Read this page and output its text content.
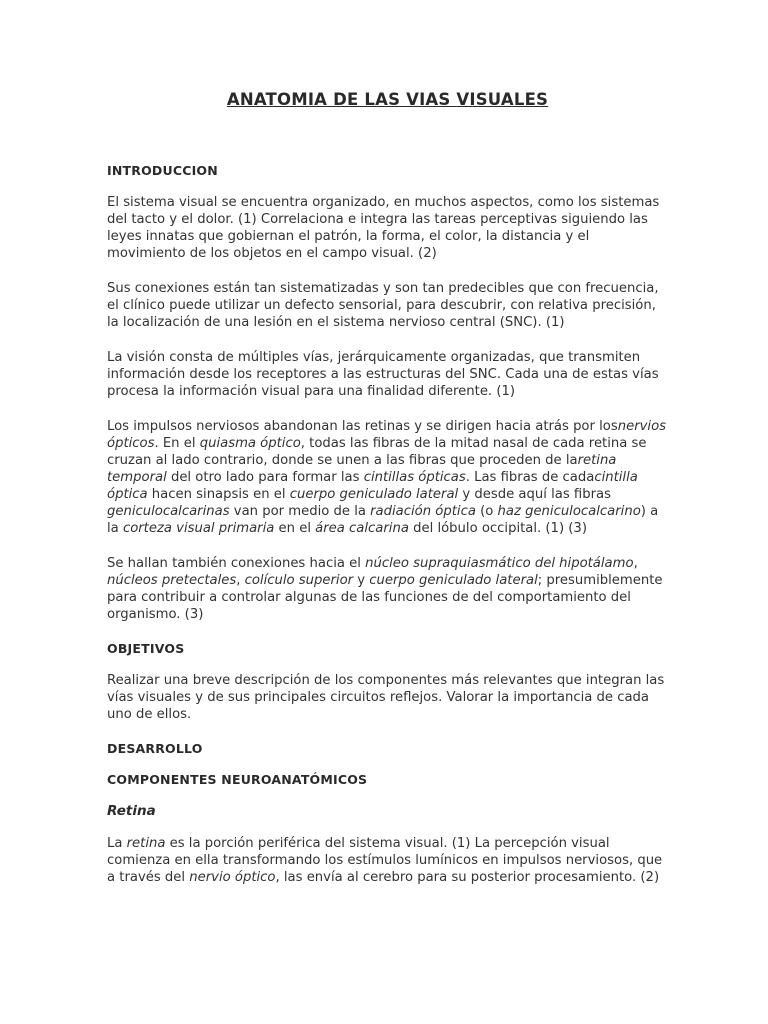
ANATOMIA DE LAS VIAS VISUALES
INTRODUCCION

El sistema visual se encuentra organizado, en muchos aspectos, como los sistemas del tacto y el dolor. (1) Correlaciona e integra las tareas perceptivas siguiendo las leyes innatas que gobiernan el patrón, la forma, el color, la distancia y el movimiento de los objetos en el campo visual. (2)

Sus conexiones están tan sistematizadas y son tan predecibles que con frecuencia, el clínico puede utilizar un defecto sensorial, para descubrir, con relativa precisión, la localización de una lesión en el sistema nervioso central (SNC). (1)

La visión consta de múltiples vías, jerárquicamente organizadas, que transmiten información desde los receptores a las estructuras del SNC. Cada una de estas vías procesa la información visual para una finalidad diferente. (1)

Los impulsos nerviosos abandonan las retinas y se dirigen hacia atrás por losnervios ópticos. En el quiasma óptico, todas las fibras de la mitad nasal de cada retina se cruzan al lado contrario, donde se unen a las fibras que proceden de laretina temporal del otro lado para formar las cintillas ópticas. Las fibras de cadacintilla óptica hacen sinapsis en el cuerpo geniculado lateral y desde aquí las fibras geniculocalcarinas van por medio de la radiación óptica (o haz geniculocalcarino) a la corteza visual primaria en el área calcarina del lóbulo occipital. (1) (3)

Se hallan también conexiones hacia el núcleo supraquiasmático del hipotálamo, núcleos pretectales, colículo superior y cuerpo geniculado lateral; presumiblemente para contribuir a controlar algunas de las funciones de del comportamiento del organismo. (3)

OBJETIVOS

Realizar una breve descripción de los componentes más relevantes que integran las vías visuales y de sus principales circuitos reflejos. Valorar la importancia de cada uno de ellos.

DESARROLLO
COMPONENTES NEUROANATÓMICOS
Retina

La retina es la porción periférica del sistema visual. (1) La percepción visual comienza en ella transformando los estímulos lumínicos en impulsos nerviosos, que a través del nervio óptico, las envía al cerebro para su posterior procesamiento. (2)
